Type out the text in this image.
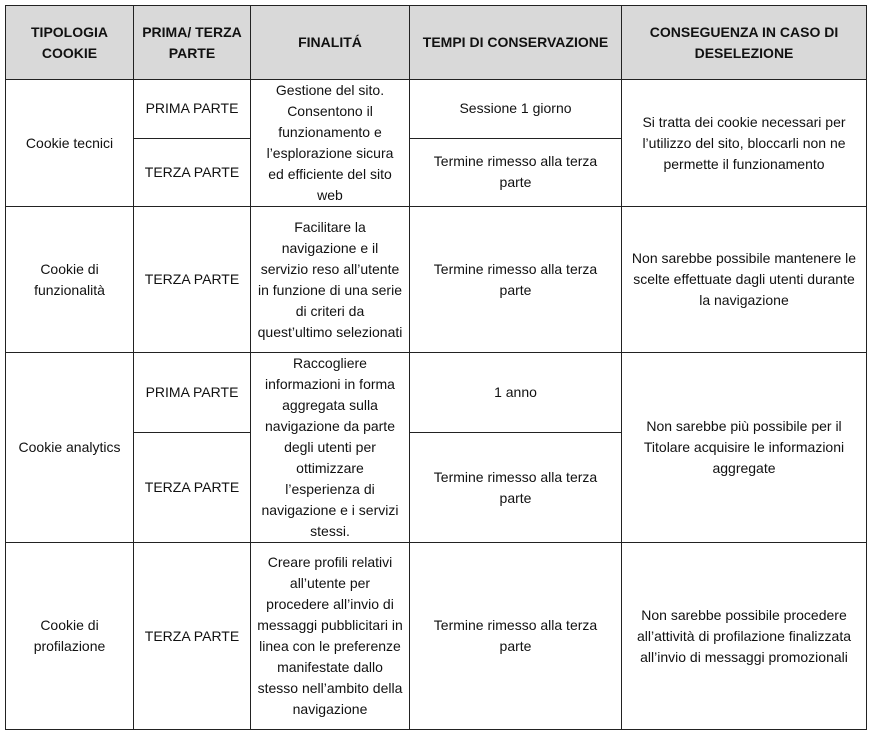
TIPOLOGIA COOKIE	PRIMA/ TERZA PARTE	FINALITÁ	TEMPI DI CONSERVAZIONE	CONSEGUENZA IN CASO DI DESELEZIONE
Cookie tecnici	PRIMA PARTE	Gestione del sito. Consentono il funzionamento e l’esplorazione sicura ed efficiente del sito web	Sessione 1 giorno	Si tratta dei cookie necessari per l’utilizzo del sito, bloccarli non ne permette il funzionamento
	TERZA PARTE		Termine rimesso alla terza parte	
Cookie di funzionalità	TERZA PARTE	Facilitare la navigazione e il servizio reso all’utente in funzione di una serie di criteri da quest’ultimo selezionati	Termine rimesso alla terza parte	Non sarebbe possibile mantenere le scelte effettuate dagli utenti durante la navigazione
Cookie analytics	PRIMA PARTE	Raccogliere informazioni in forma aggregata sulla navigazione da parte degli utenti per ottimizzare l’esperienza di navigazione e i servizi stessi.	1 anno	Non sarebbe più possibile per il Titolare acquisire le informazioni aggregate
	TERZA PARTE		Termine rimesso alla terza parte	
Cookie di profilazione	TERZA PARTE	Creare profili relativi all’utente per procedere all’invio di messaggi pubblicitari in linea con le preferenze manifestate dallo stesso nell’ambito della navigazione	Termine rimesso alla terza parte	Non sarebbe possibile procedere all’attività di profilazione finalizzata all’invio di messaggi promozionali
